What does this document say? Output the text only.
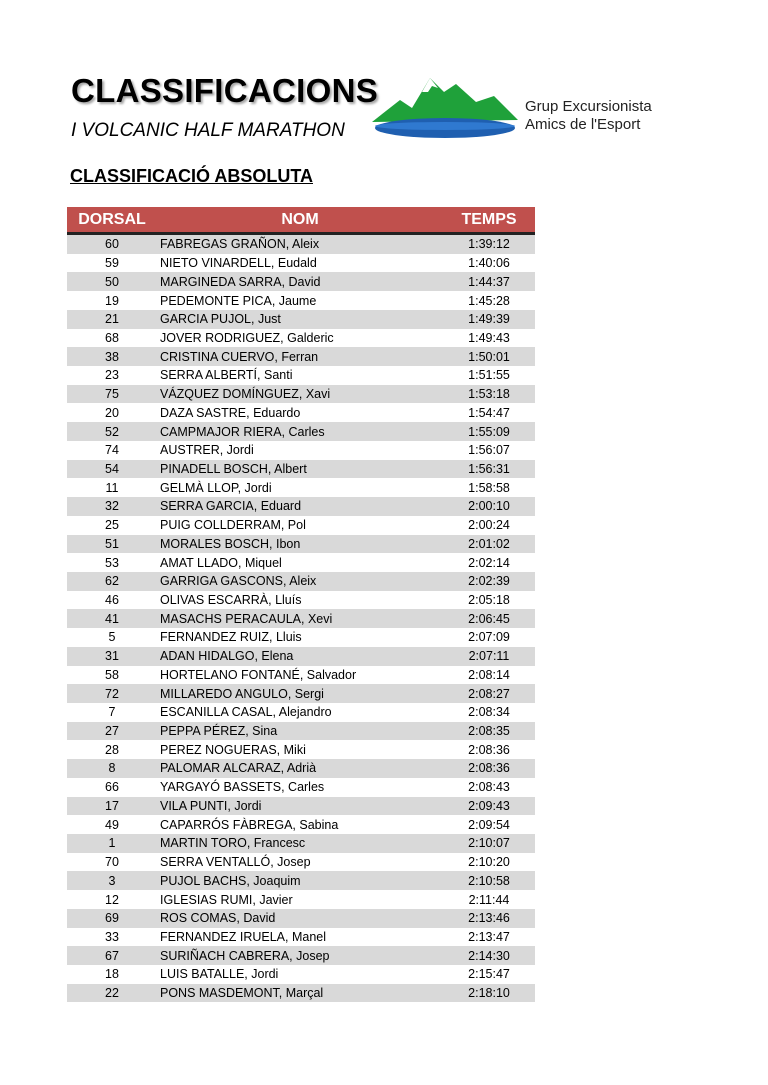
CLASSIFICACIONS
I VOLCANIC HALF MARATHON
Grup Excursionista
Amics de l'Esport
CLASSIFICACIÓ ABSOLUTA
DORSAL	NOM	TEMPS
60	FABREGAS GRAÑON, Aleix	1:39:12
59	NIETO VINARDELL, Eudald	1:40:06
50	MARGINEDA SARRA, David	1:44:37
19	PEDEMONTE PICA, Jaume	1:45:28
21	GARCIA PUJOL, Just	1:49:39
68	JOVER RODRIGUEZ, Galderic	1:49:43
38	CRISTINA CUERVO, Ferran	1:50:01
23	SERRA ALBERTÍ, Santi	1:51:55
75	VÁZQUEZ DOMÍNGUEZ, Xavi	1:53:18
20	DAZA SASTRE, Eduardo	1:54:47
52	CAMPMAJOR RIERA, Carles	1:55:09
74	AUSTRER, Jordi	1:56:07
54	PINADELL BOSCH, Albert	1:56:31
11	GELMÀ LLOP, Jordi	1:58:58
32	SERRA GARCIA, Eduard	2:00:10
25	PUIG COLLDERRAM, Pol	2:00:24
51	MORALES BOSCH, Ibon	2:01:02
53	AMAT LLADO, Miquel	2:02:14
62	GARRIGA GASCONS, Aleix	2:02:39
46	OLIVAS ESCARRÀ, Lluís	2:05:18
41	MASACHS PERACAULA, Xevi	2:06:45
5	FERNANDEZ RUIZ, Lluis	2:07:09
31	ADAN HIDALGO, Elena	2:07:11
58	HORTELANO FONTANÉ, Salvador	2:08:14
72	MILLAREDO ANGULO, Sergi	2:08:27
7	ESCANILLA CASAL, Alejandro	2:08:34
27	PEPPA PÉREZ, Sina	2:08:35
28	PEREZ NOGUERAS, Miki	2:08:36
8	PALOMAR ALCARAZ, Adrià	2:08:36
66	YARGAYÓ BASSETS, Carles	2:08:43
17	VILA PUNTI, Jordi	2:09:43
49	CAPARRÓS FÀBREGA, Sabina	2:09:54
1	MARTIN TORO, Francesc	2:10:07
70	SERRA VENTALLÓ, Josep	2:10:20
3	PUJOL BACHS, Joaquim	2:10:58
12	IGLESIAS RUMI, Javier	2:11:44
69	ROS COMAS, David	2:13:46
33	FERNANDEZ IRUELA, Manel	2:13:47
67	SURIÑACH CABRERA, Josep	2:14:30
18	LUIS BATALLE, Jordi	2:15:47
22	PONS MASDEMONT, Marçal	2:18:10
